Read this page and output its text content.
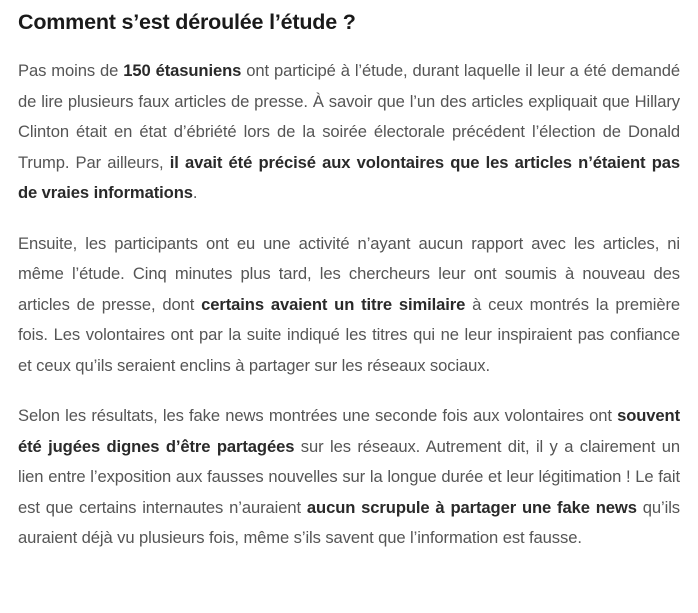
Comment s’est déroulée l’étude ?

Pas moins de 150 étasuniens ont participé à l’étude, durant laquelle il leur a été demandé de lire plusieurs faux articles de presse. À savoir que l’un des articles expliquait que Hillary Clinton était en état d’ébriété lors de la soirée électorale précédent l’élection de Donald Trump. Par ailleurs, il avait été précisé aux volontaires que les articles n’étaient pas de vraies informations.

Ensuite, les participants ont eu une activité n’ayant aucun rapport avec les articles, ni même l’étude. Cinq minutes plus tard, les chercheurs leur ont soumis à nouveau des articles de presse, dont certains avaient un titre similaire à ceux montrés la première fois. Les volontaires ont par la suite indiqué les titres qui ne leur inspiraient pas confiance et ceux qu’ils seraient enclins à partager sur les réseaux sociaux.

Selon les résultats, les fake news montrées une seconde fois aux volontaires ont souvent été jugées dignes d’être partagées sur les réseaux. Autrement dit, il y a clairement un lien entre l’exposition aux fausses nouvelles sur la longue durée et leur légitimation ! Le fait est que certains internautes n’auraient aucun scrupule à partager une fake news qu’ils auraient déjà vu plusieurs fois, même s’ils savent que l’information est fausse.
